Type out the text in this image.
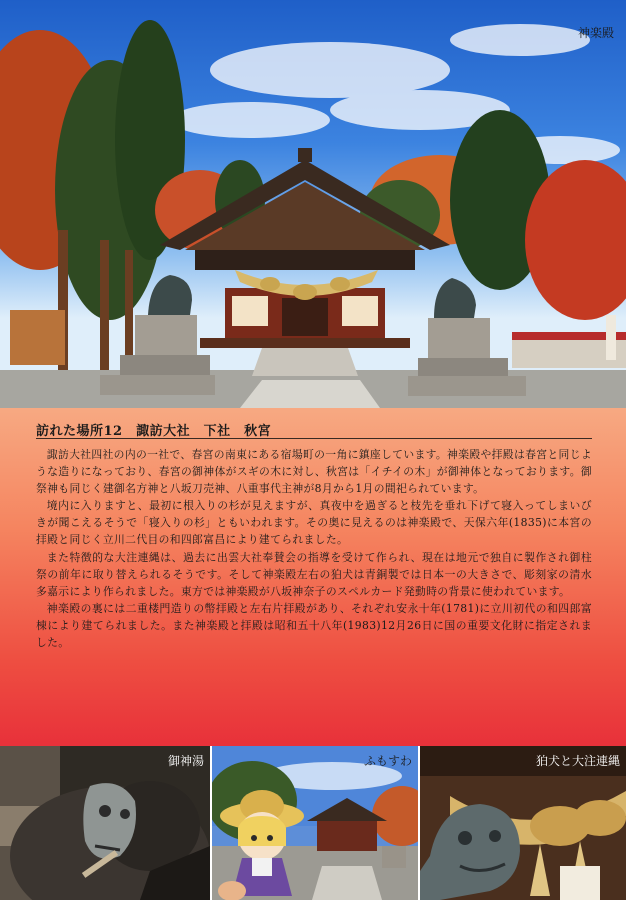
神楽殿
訪れた場所12　諏訪大社　下社　秋宮

諏訪大社四社の内の一社で、春宮の南東にある宿場町の一角に鎮座しています。神楽殿や拝殿は春宮と同じような造りになっており、春宮の御神体がスギの木に対し、秋宮は「イチイの木」が御神体となっております。御祭神も同じく建御名方神と八坂刀売神、八重事代主神が8月から1月の間祀られています。

境内に入りますと、最初に根入りの杉が見えますが、真夜中を過ぎると枝先を垂れ下げて寝入ってしまいびきが聞こえるそうで「寝入りの杉」ともいわれます。その奥に見えるのは神楽殿で、天保六年(1835)に本宮の拝殿と同じく立川二代目の和四郎富昌により建てられました。

また特徴的な大注連縄は、過去に出雲大社奉賛会の指導を受けて作られ、現在は地元で独自に製作され御柱祭の前年に取り替えられるそうです。そして神楽殿左右の狛犬は青銅製では日本一の大きさで、彫刻家の清水多嘉示により作られました。東方では神楽殿が八坂神奈子のスペルカード発動時の背景に使われています。

神楽殿の裏には二重楼門造りの幣拝殿と左右片拝殿があり、それぞれ安永十年(1781)に立川初代の和四郎富棟により建てられました。また神楽殿と拝殿は昭和五十八年(1983)12月26日に国の重要文化財に指定されました。

御神湯	ふもすわ	狛犬と大注連縄
